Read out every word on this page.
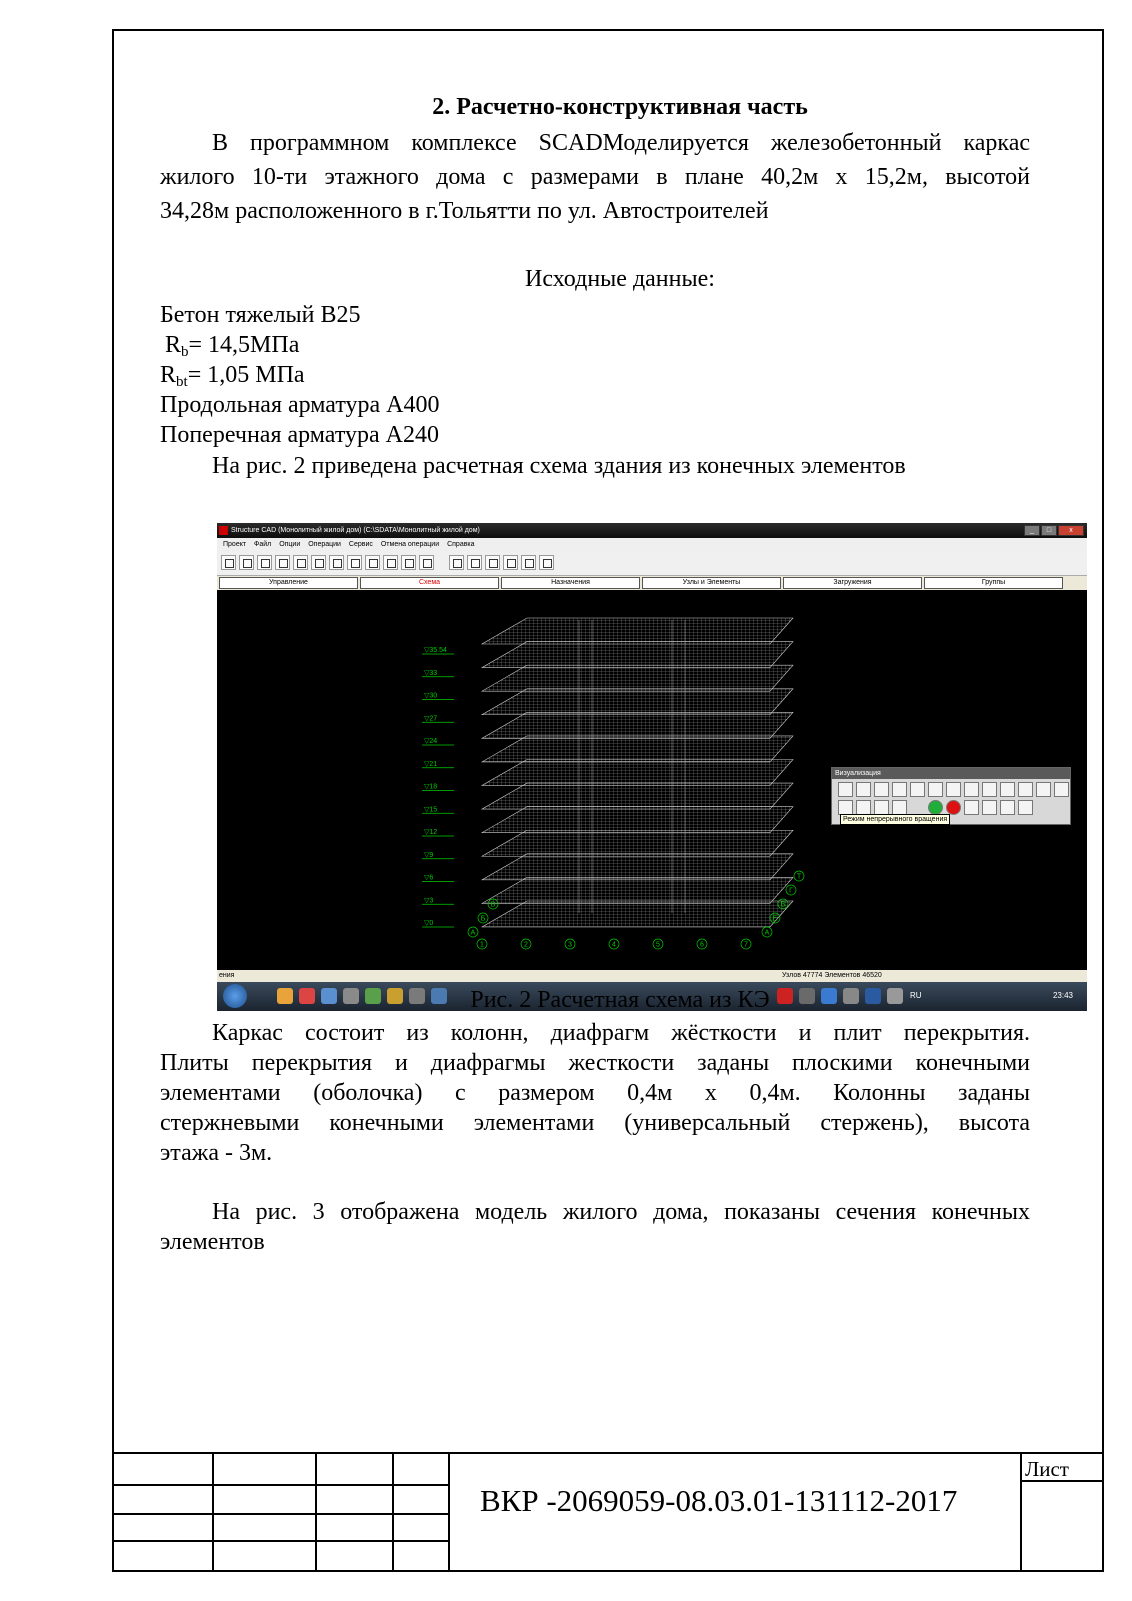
2. Расчетно-конструктивная часть
В программном комплексе SCADМоделируется железобетонный каркас
жилого 10-ти этажного дома с размерами в плане 40,2м х 15,2м, высотой
34,28м расположенного в г.Тольятти по ул. Автостроителей
Исходные данные:
Бетон тяжелый В25
$R_b= 14,5МПа$
$R_{bt}= 1,05$ МПа
Продольная арматура А400
Поперечная арматура А240
На рис. 2 приведена расчетная схема здания из конечных элементов
Structure CAD (Монолитный жилой дом) (C:\SDATA\Монолитный жилой дом)	_	□	x
Проект Файл Опции Операции Сервис Отмена операции Справка
Управление	Схема	Назначения	Узлы и Элементы	Загружения	Группы
▽35.54
▽33
▽30
▽27
▽24
▽21
▽18
▽15
▽12
▽9
▽6
▽3
▽0
1	2	3	4	5	6	7
А
Б
В
А
Е
В
Г
Т
Визуализация
Режим непрерывного вращения
ения	Узлов 47774 Элементов 46520
RU	23:43
Рис. 2 Расчетная схема из КЭ
Каркас состоит из колонн, диафрагм жёсткости и плит перекрытия.
Плиты перекрытия и диафрагмы жесткости заданы плоскими конечными
элементами (оболочка) с размером 0,4м х 0,4м. Колонны заданы
стержневыми конечными элементами (универсальный стержень), высота
этажа - 3м.
На рис. 3 отображена модель жилого дома, показаны сечения конечных
элементов
Лист
ВКР -2069059-08.03.01-131112-2017
